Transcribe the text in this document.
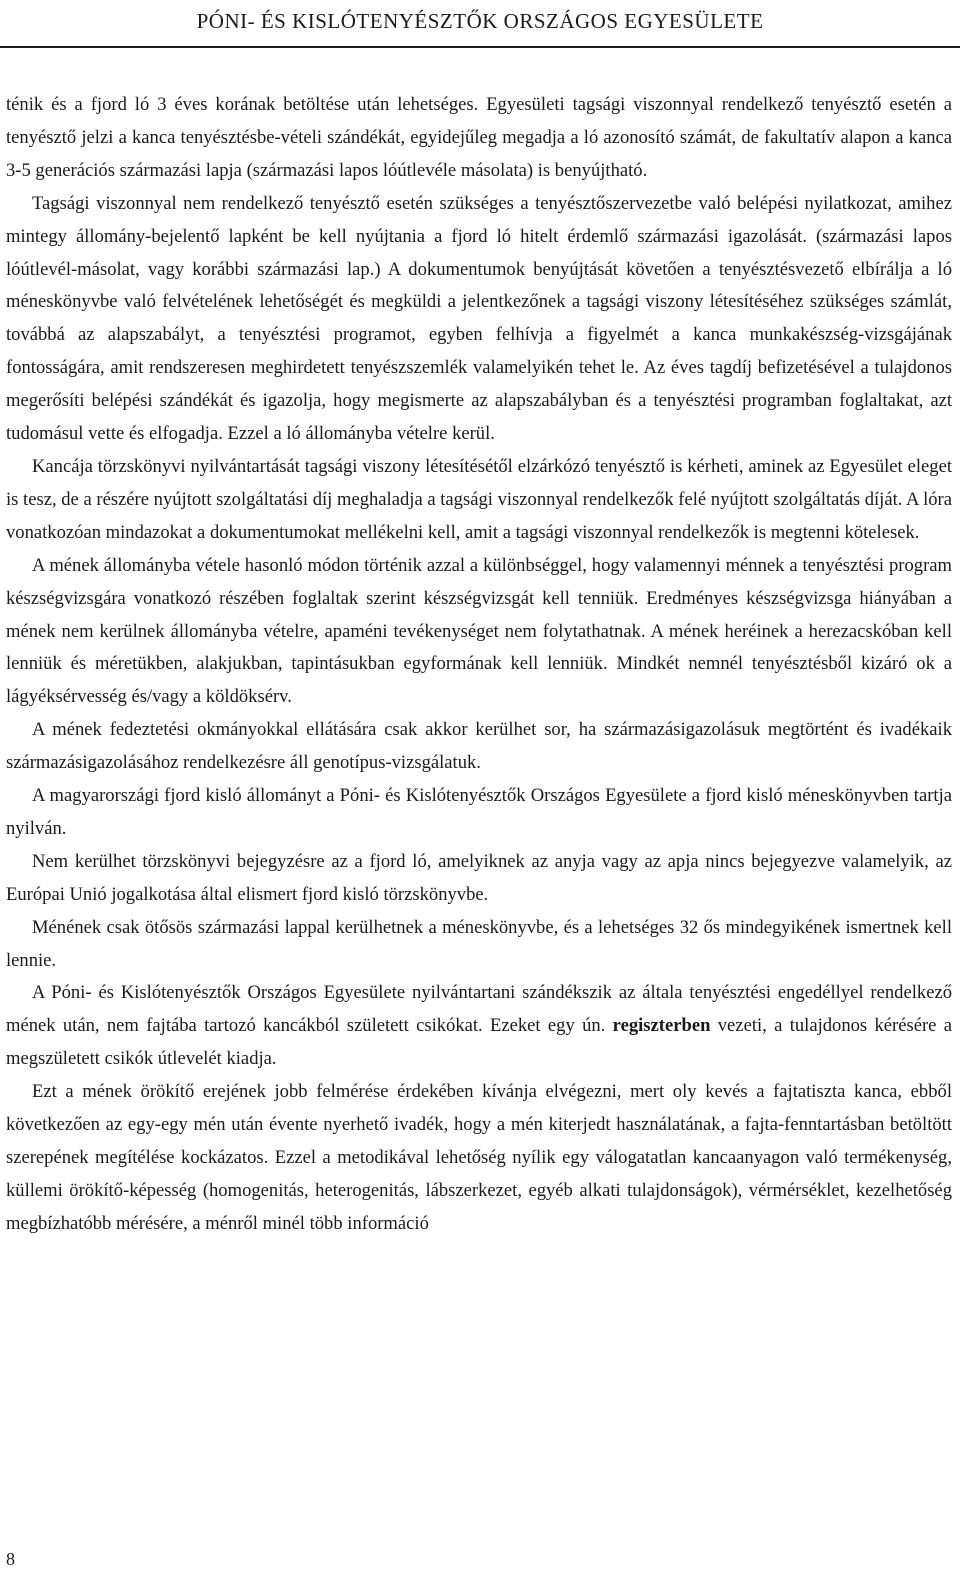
PÓNI- ÉS KISLÓTENYÉSZTŐK ORSZÁGOS EGYESÜLETE

ténik és a fjord ló 3 éves korának betöltése után lehetséges. Egyesületi tagsági viszonnyal rendelkező tenyésztő esetén a tenyésztő jelzi a kanca tenyésztésbe-vételi szándékát, egyidejűleg megadja a ló azonosító számát, de fakultatív alapon a kanca 3-5 generációs származási lapja (származási lapos lóútlevéle másolata) is benyújtható.

Tagsági viszonnyal nem rendelkező tenyésztő esetén szükséges a tenyésztőszervezetbe való belépési nyilatkozat, amihez mintegy állomány-bejelentő lapként be kell nyújtania a fjord ló hitelt érdemlő származási igazolását. (származási lapos lóútlevél-másolat, vagy korábbi származási lap.) A dokumentumok benyújtását követően a tenyésztésvezető elbírálja a ló méneskönyvbe való felvételének lehetőségét és megküldi a jelentkezőnek a tagsági viszony létesítéséhez szükséges számlát, továbbá az alapszabályt, a tenyésztési programot, egyben felhívja a figyelmét a kanca munkakészség-vizsgájának fontosságára, amit rendszeresen meghirdetett tenyészszemlék valamelyikén tehet le. Az éves tagdíj befizetésével a tulajdonos megerősíti belépési szándékát és igazolja, hogy megismerte az alapszabályban és a tenyésztési programban foglaltakat, azt tudomásul vette és elfogadja. Ezzel a ló állományba vételre kerül.

Kancája törzskönyvi nyilvántartását tagsági viszony létesítésétől elzárkózó tenyésztő is kérheti, aminek az Egyesület eleget is tesz, de a részére nyújtott szolgáltatási díj meghaladja a tagsági viszonnyal rendelkezők felé nyújtott szolgáltatás díját. A lóra vonatkozóan mindazokat a dokumentumokat mellékelni kell, amit a tagsági viszonnyal rendelkezők is megtenni kötelesek.

A mének állományba vétele hasonló módon történik azzal a különbséggel, hogy valamennyi ménnek a tenyésztési program készségvizsgára vonatkozó részében foglaltak szerint készségvizsgát kell tenniük. Eredményes készségvizsga hiányában a mének nem kerülnek állományba vételre, apaméni tevékenységet nem folytathatnak. A mének heréinek a herezacskóban kell lenniük és méretükben, alakjukban, tapintásukban egyformának kell lenniük. Mindkét nemnél tenyésztésből kizáró ok a lágyéksérvesség és/vagy a köldöksérv.

A mének fedeztetési okmányokkal ellátására csak akkor kerülhet sor, ha származásigazolásuk megtörtént és ivadékaik származásigazolásához rendelkezésre áll genotípus-vizsgálatuk.

A magyarországi fjord kisló állományt a Póni- és Kislótenyésztők Országos Egyesülete a fjord kisló méneskönyvben tartja nyilván.

Nem kerülhet törzskönyvi bejegyzésre az a fjord ló, amelyiknek az anyja vagy az apja nincs bejegyezve valamelyik, az Európai Unió jogalkotása által elismert fjord kisló törzskönyvbe.

Ménének csak ötősös származási lappal kerülhetnek a méneskönyvbe, és a lehetséges 32 ős mindegyikének ismertnek kell lennie.

A Póni- és Kislótenyésztők Országos Egyesülete nyilvántartani szándékszik az általa tenyésztési engedéllyel rendelkező mének után, nem fajtába tartozó kancákból született csikókat. Ezeket egy ún. regiszterben vezeti, a tulajdonos kérésére a megszületett csikók útlevelét kiadja.

Ezt a mének örökítő erejének jobb felmérése érdekében kívánja elvégezni, mert oly kevés a fajtatiszta kanca, ebből következően az egy-egy mén után évente nyerhető ivadék, hogy a mén kiterjedt használatának, a fajta-fenntartásban betöltött szerepének megítélése kockázatos. Ezzel a metodikával lehetőség nyílik egy válogatatlan kancaanyagon való termékenység, küllemi örökítő-képesség (homogenitás, heterogenitás, lábszerkezet, egyéb alkati tulajdonságok), vérmérséklet, kezelhetőség megbízhatóbb mérésére, a ménről minél több információ

8
